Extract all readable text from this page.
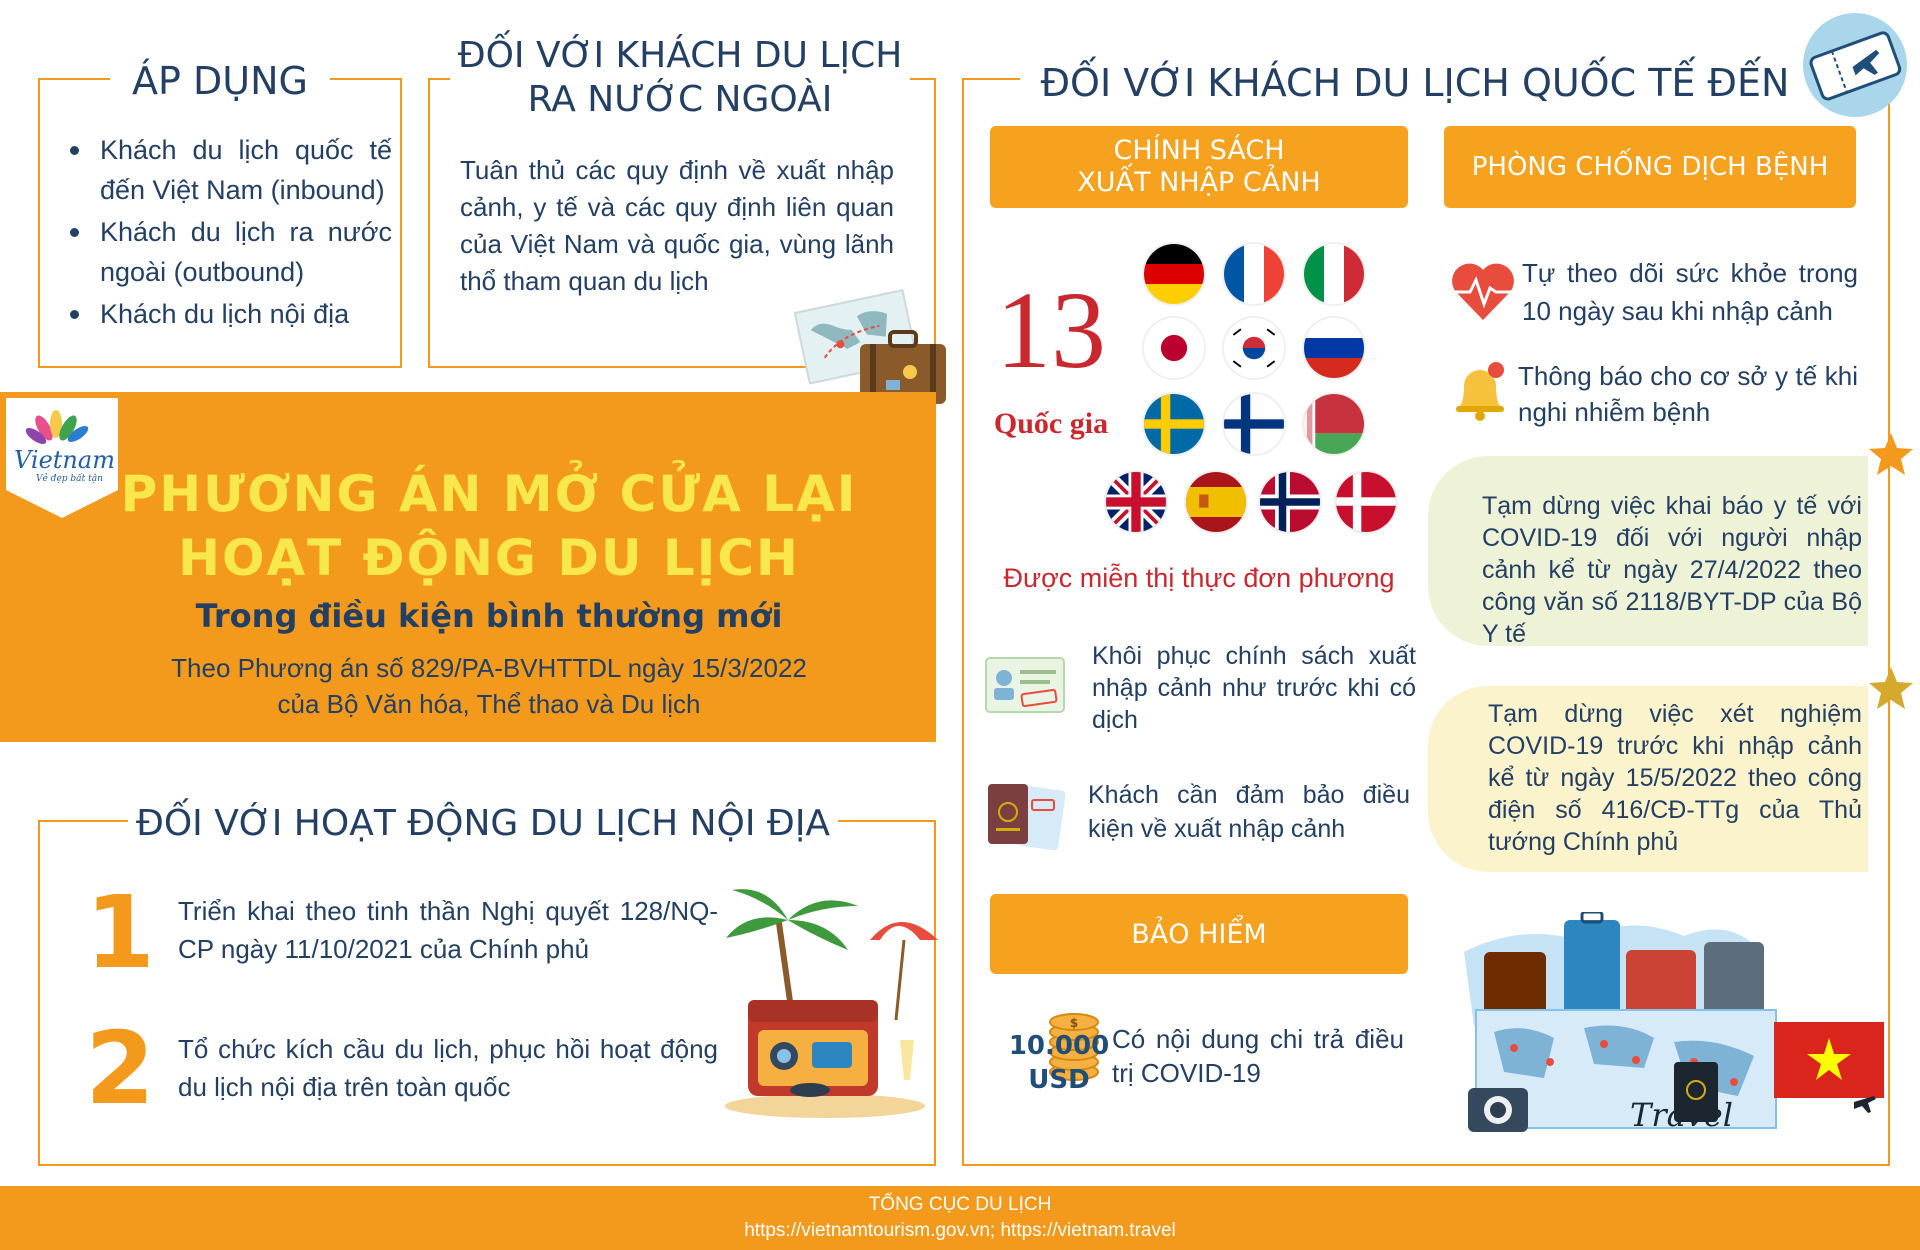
ÁP DỤNG
Khách du lịch quốc tế đến Việt Nam (inbound)
Khách du lịch ra nước ngoài (outbound)
Khách du lịch nội địa
ĐỐI VỚI KHÁCH DU LỊCH
RA NƯỚC NGOÀI
Tuân thủ các quy định về xuất nhập cảnh, y tế và các quy định liên quan của Việt Nam và quốc gia, vùng lãnh thổ tham quan du lịch
Vietnam
Vẻ đẹp bất tận PHƯƠNG ÁN MỞ CỬA LẠI
HOẠT ĐỘNG DU LỊCH
Trong điều kiện bình thường mới
Theo Phương án số 829/PA-BVHTTDL ngày 15/3/2022
của Bộ Văn hóa, Thể thao và Du lịch
ĐỐI VỚI HOẠT ĐỘNG DU LỊCH NỘI ĐỊA
1 Triển khai theo tinh thần Nghị quyết 128/NQ-CP ngày 11/10/2021 của Chính phủ
2 Tổ chức kích cầu du lịch, phục hồi hoạt động du lịch nội địa trên toàn quốc
ĐỐI VỚI KHÁCH DU LỊCH QUỐC TẾ ĐẾN
CHÍNH SÁCH
XUẤT NHẬP CẢNH
13
Quốc gia
Được miễn thị thực đơn phương
Khôi phục chính sách xuất nhập cảnh như trước khi có dịch
Khách cần đảm bảo điều kiện về xuất nhập cảnh
BẢO HIỂM
$
10.000
USD
Có nội dung chi trả điều trị COVID-19
PHÒNG CHỐNG DỊCH BỆNH
Tự theo dõi sức khỏe trong 10 ngày sau khi nhập cảnh
Thông báo cho cơ sở y tế khi nghi nhiễm bệnh
Tạm dừng việc khai báo y tế với COVID-19 đối với người nhập cảnh kể từ ngày 27/4/2022 theo công văn số 2118/BYT-DP của Bộ Y tế
Tạm dừng việc xét nghiệm COVID-19 trước khi nhập cảnh kể từ ngày 15/5/2022 theo công điện số 416/CĐ-TTg của Thủ tướng Chính phủ
Travel
TỔNG CỤC DU LỊCH
https://vietnamtourism.gov.vn; https://vietnam.travel
